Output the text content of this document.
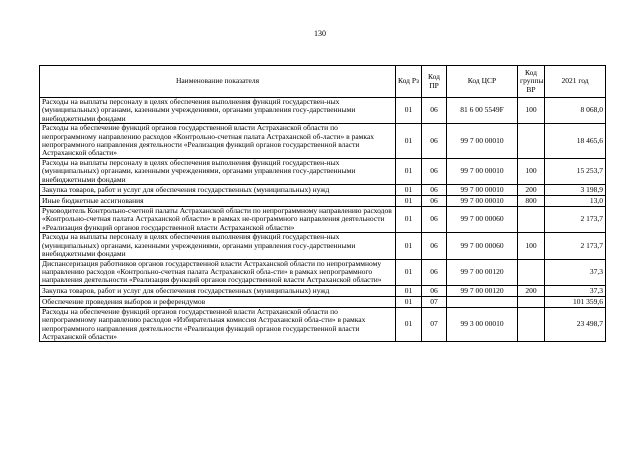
130
Наименование показателя	Код Рз	Код ПР	Код ЦСР	Код группы ВР	2021 год
Расходы на выплаты персоналу в целях обеспечения выполнения функций государствен-ных (муниципальных) органами, казенными учреждениями, органами управления госу-дарственными внебюджетными фондами	01	06	81 6 00 5549F	100	8 068,0
Расходы на обеспечение функций органов государственной власти Астраханской области по непрограммному направлению расходов «Контрольно-счетная палата Астраханской об-ласти» в рамках непрограммного направления деятельности «Реализация функций органов государственной власти Астраханской области»	01	06	99 7 00 00010		18 465,6
Расходы на выплаты персоналу в целях обеспечения выполнения функций государствен-ных (муниципальных) органами, казенными учреждениями, органами управления госу-дарственными внебюджетными фондами	01	06	99 7 00 00010	100	15 253,7
Закупка товаров, работ и услуг для обеспечения государственных (муниципальных) нужд	01	06	99 7 00 00010	200	3 198,9
Иные бюджетные ассигнования	01	06	99 7 00 00010	800	13,0
Руководитель Контрольно-счетной палаты Астраханской области по непрограммному направлению расходов «Контрольно-счетная палата Астраханской области» в рамках не-программного направления деятельности «Реализация функций органов государственной власти Астраханской области»	01	06	99 7 00 00060		2 173,7
Расходы на выплаты персоналу в целях обеспечения выполнения функций государствен-ных (муниципальных) органами, казенными учреждениями, органами управления госу-дарственными внебюджетными фондами	01	06	99 7 00 00060	100	2 173,7
Диспансеризация работников органов государственной власти Астраханской области по непрограммному направлению расходов «Контрольно-счетная палата Астраханской обла-сти» в рамках непрограммного направления деятельности «Реализация функций органов государственной власти Астраханской области»	01	06	99 7 00 00120		37,3
Закупка товаров, работ и услуг для обеспечения государственных (муниципальных) нужд	01	06	99 7 00 00120	200	37,3
Обеспечение проведения выборов и референдумов	01	07			101 359,6
Расходы на обеспечение функций органов государственной власти Астраханской области по непрограммному направлению расходов «Избирательная комиссия Астраханской обла-сти» в рамках непрограммного направления деятельности «Реализация функций органов государственной власти Астраханской области»	01	07	99 3 00 00010		23 498,7
